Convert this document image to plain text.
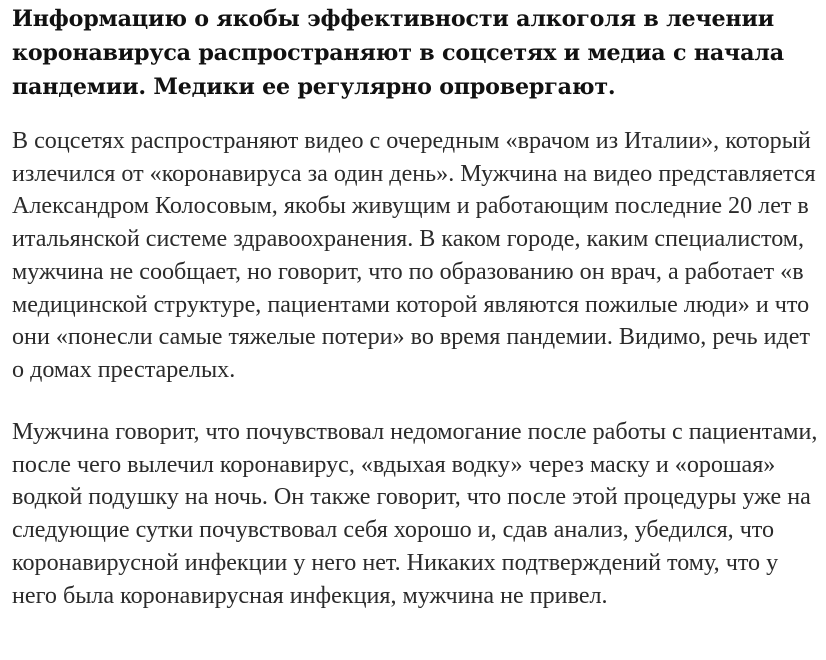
Информацию о якобы эффективности алкоголя в лечении коронавируса распространяют в соцсетях и медиа с начала пандемии. Медики ее регулярно опровергают.

В соцсетях распространяют видео с очередным «врачом из Италии», который излечился от «коронавируса за один день». Мужчина на видео представляется Александром Колосовым, якобы живущим и работающим последние 20 лет в итальянской системе здравоохранения. В каком городе, каким специалистом, мужчина не сообщает, но говорит, что по образованию он врач, а работает «в медицинской структуре, пациентами которой являются пожилые люди» и что они «понесли самые тяжелые потери» во время пандемии. Видимо, речь идет о домах престарелых.

Мужчина говорит, что почувствовал недомогание после работы с пациентами, после чего вылечил коронавирус, «вдыхая водку» через маску и «орошая» водкой подушку на ночь. Он также говорит, что после этой процедуры уже на следующие сутки почувствовал себя хорошо и, сдав анализ, убедился, что коронавирусной инфекции у него нет. Никаких подтверждений тому, что у него была коронавирусная инфекция, мужчина не привел.
